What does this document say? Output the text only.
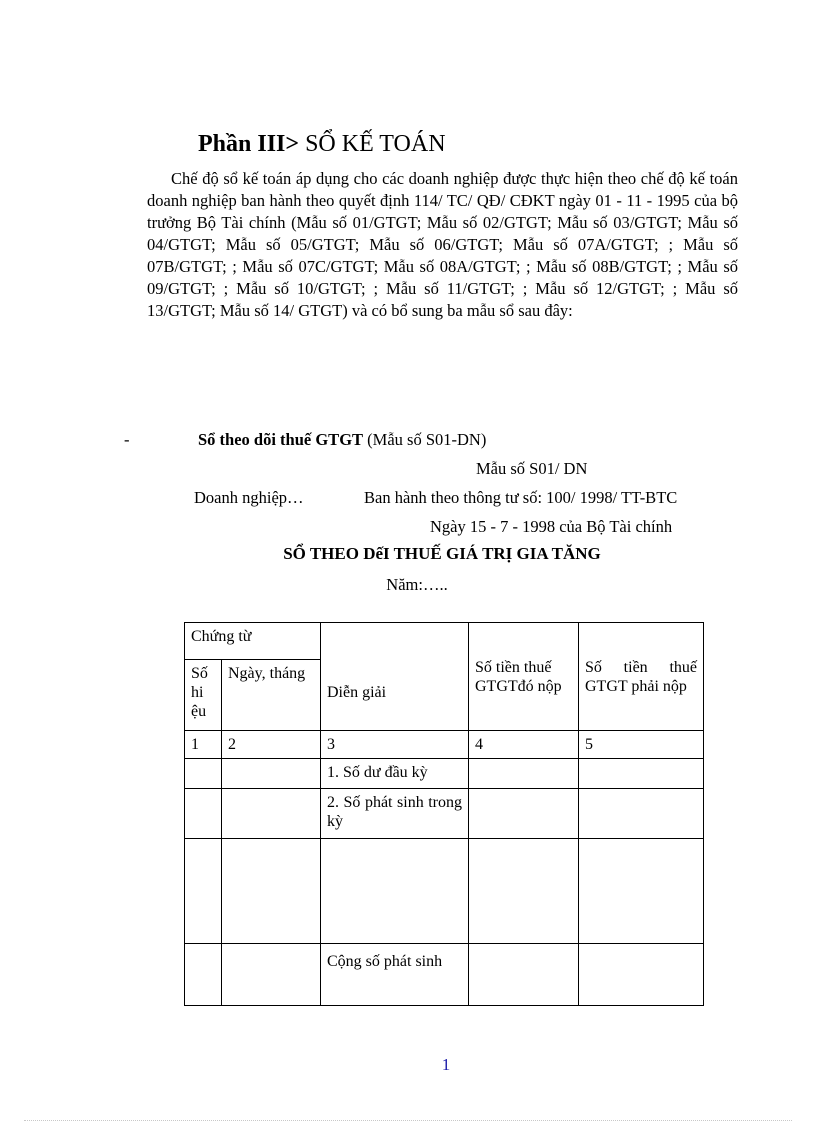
Phần III> SỔ KẾ TOÁN

Chế độ sổ kế toán áp dụng cho các doanh nghiệp được thực hiện theo chế độ kế toán doanh nghiệp ban hành theo quyết định 114/ TC/ QĐ/ CĐKT ngày 01 - 11 - 1995 của bộ trưởng Bộ Tài chính (Mẫu số 01/GTGT; Mẫu số 02/GTGT; Mẫu số 03/GTGT; Mẫu số 04/GTGT; Mẫu số 05/GTGT; Mẫu số 06/GTGT; Mẫu số 07A/GTGT; ; Mẫu số 07B/GTGT; ; Mẫu số 07C/GTGT; Mẫu số 08A/GTGT; ; Mẫu số 08B/GTGT; ; Mẫu số 09/GTGT; ; Mẫu số 10/GTGT; ; Mẫu số 11/GTGT; ; Mẫu số 12/GTGT; ; Mẫu số 13/GTGT; Mẫu số 14/ GTGT) và có bổ sung ba mẫu sổ sau đây:

-	Sổ theo dõi thuế GTGT (Mẫu số S01-DN)
Mẫu số S01/ DN
Doanh nghiệp…	Ban hành theo thông tư số: 100/ 1998/ TT-BTC
Ngày 15 - 7 - 1998 của Bộ Tài chính
SỔ THEO DếI THUẾ GIÁ TRỊ GIA TĂNG
Năm:…..
Chứng từ		Diễn giải	Số tiền thuế GTGTđó nộp	Số tiền thuế GTGT phải nộp
Số hi ệu	Ngày, tháng			
1	2	3	4	5
		1. Số dư đầu kỳ		
		2. Số phát sinh trong kỳ		

		Cộng số phát sinh		
1
